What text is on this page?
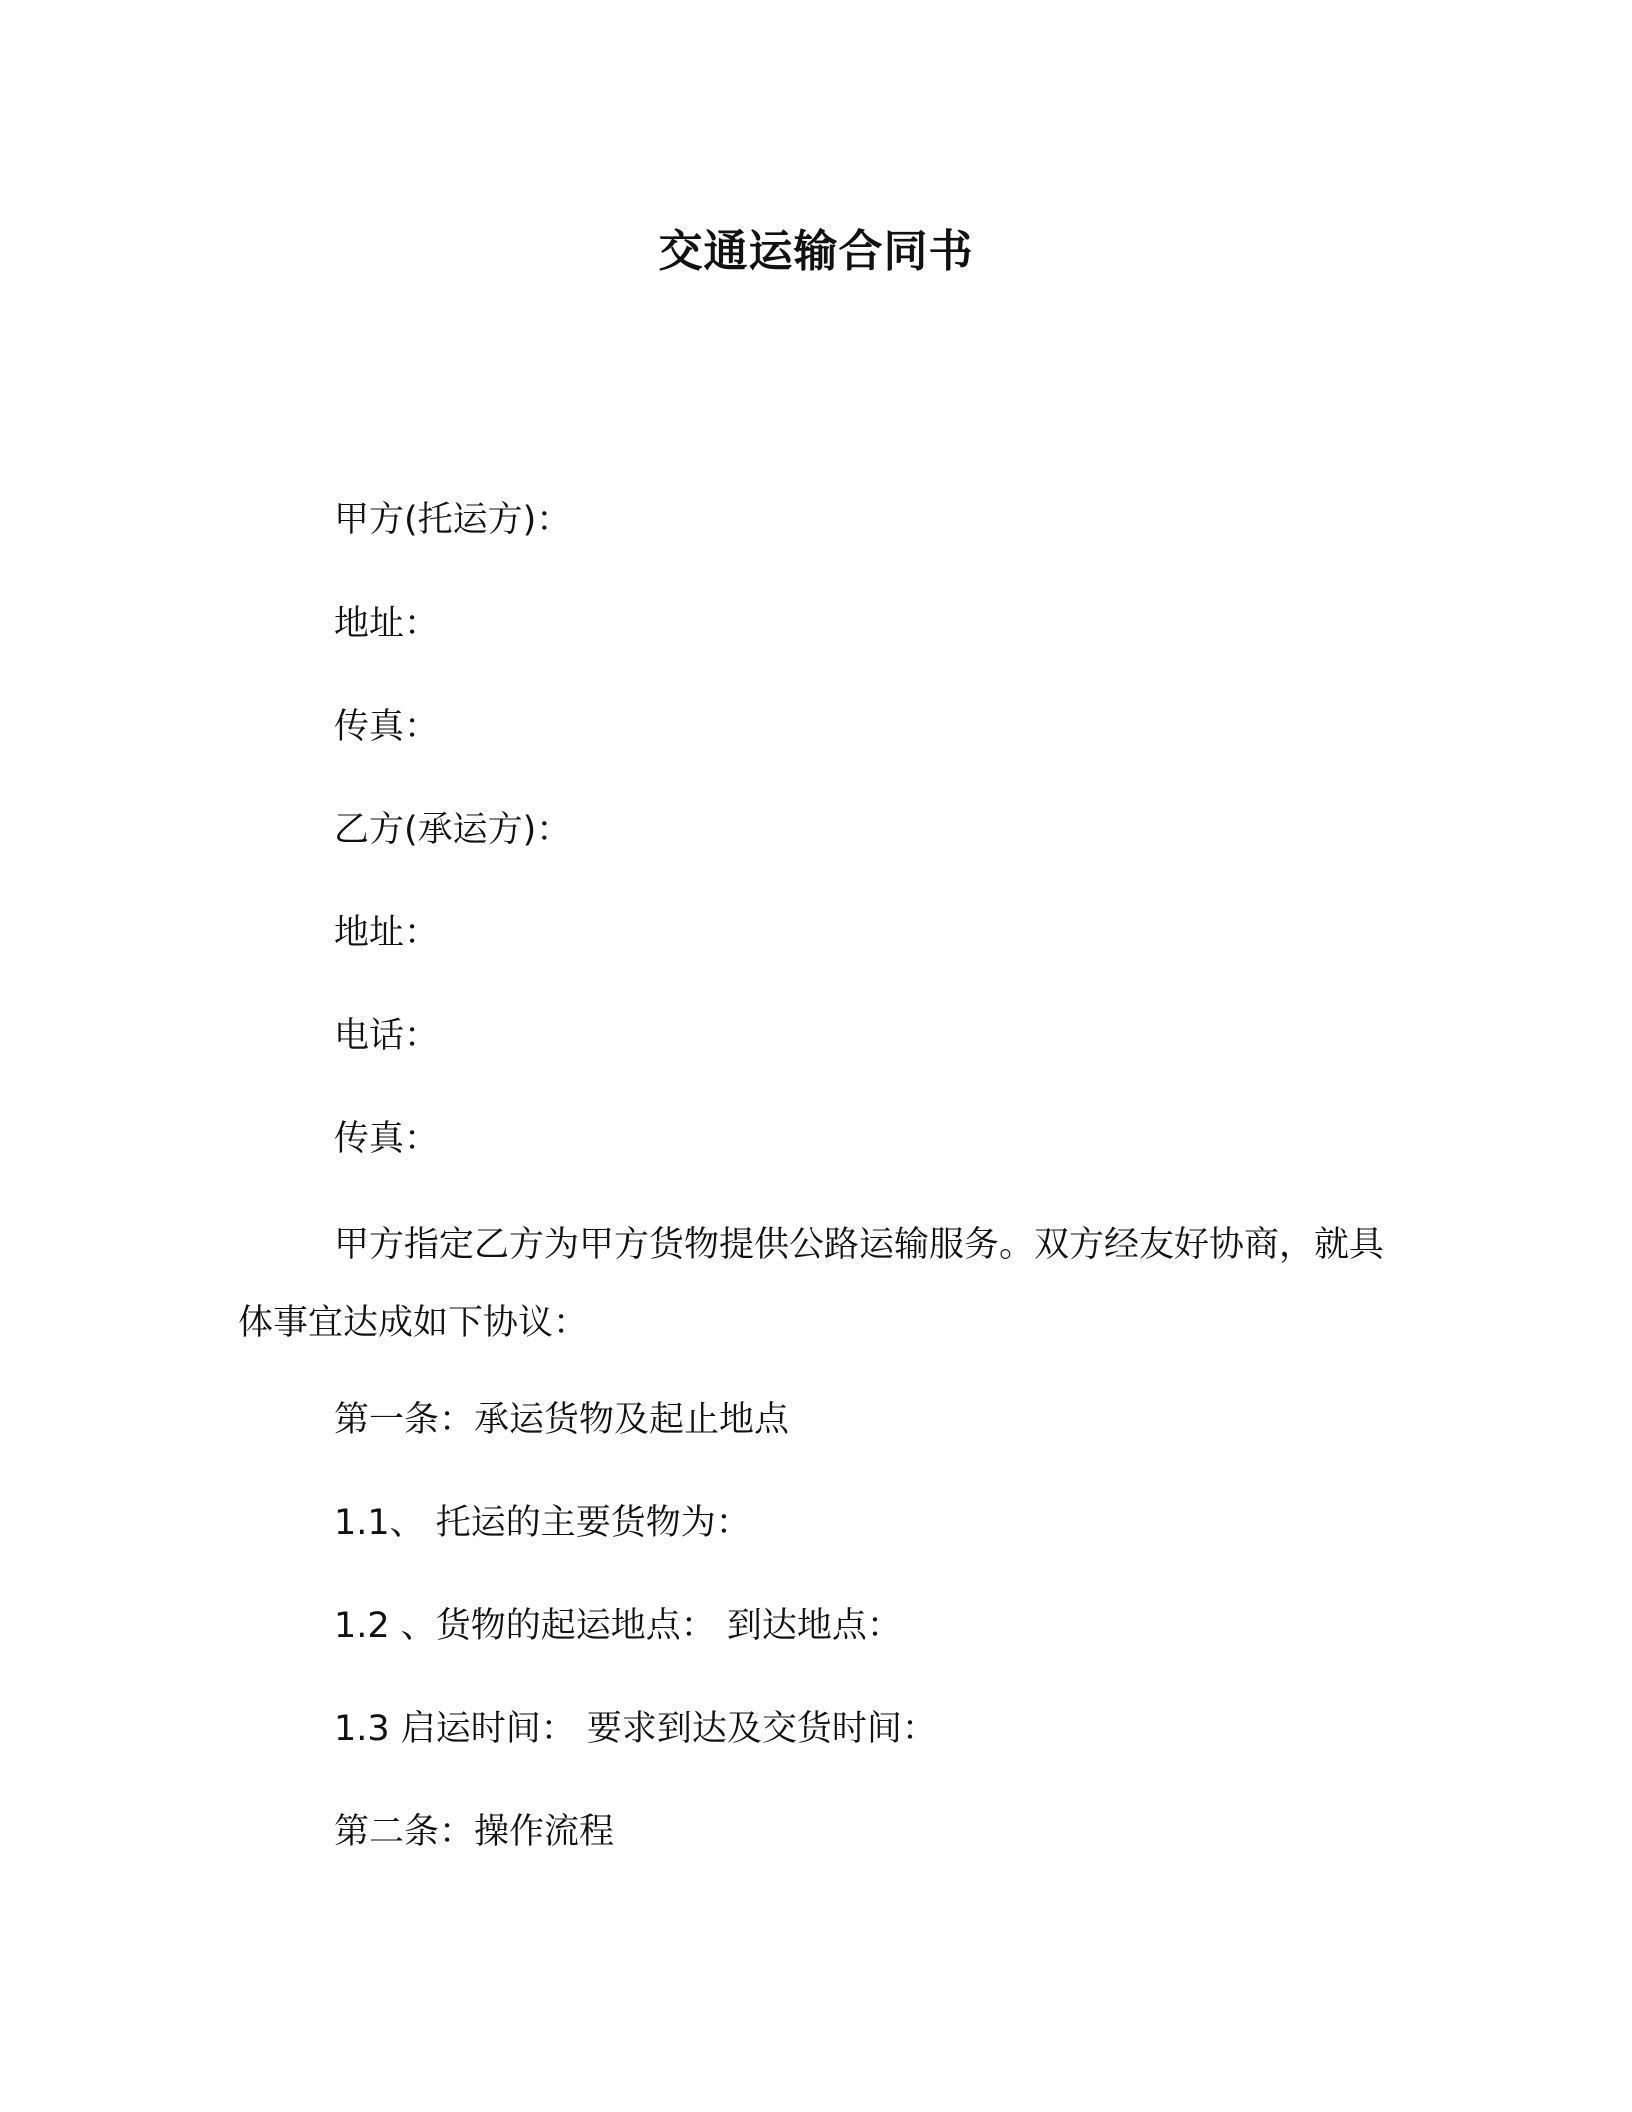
交通运输合同书

甲方(托运方)：

地址：

传真：

乙方(承运方)：

地址：

电话：

传真：

甲方指定乙方为甲方货物提供公路运输服务。双方经友好协商，就具体事宜达成如下协议：

第一条：承运货物及起止地点

1.1、 托运的主要货物为：

1.2 、货物的起运地点： 到达地点：

1.3 启运时间： 要求到达及交货时间：

第二条：操作流程
